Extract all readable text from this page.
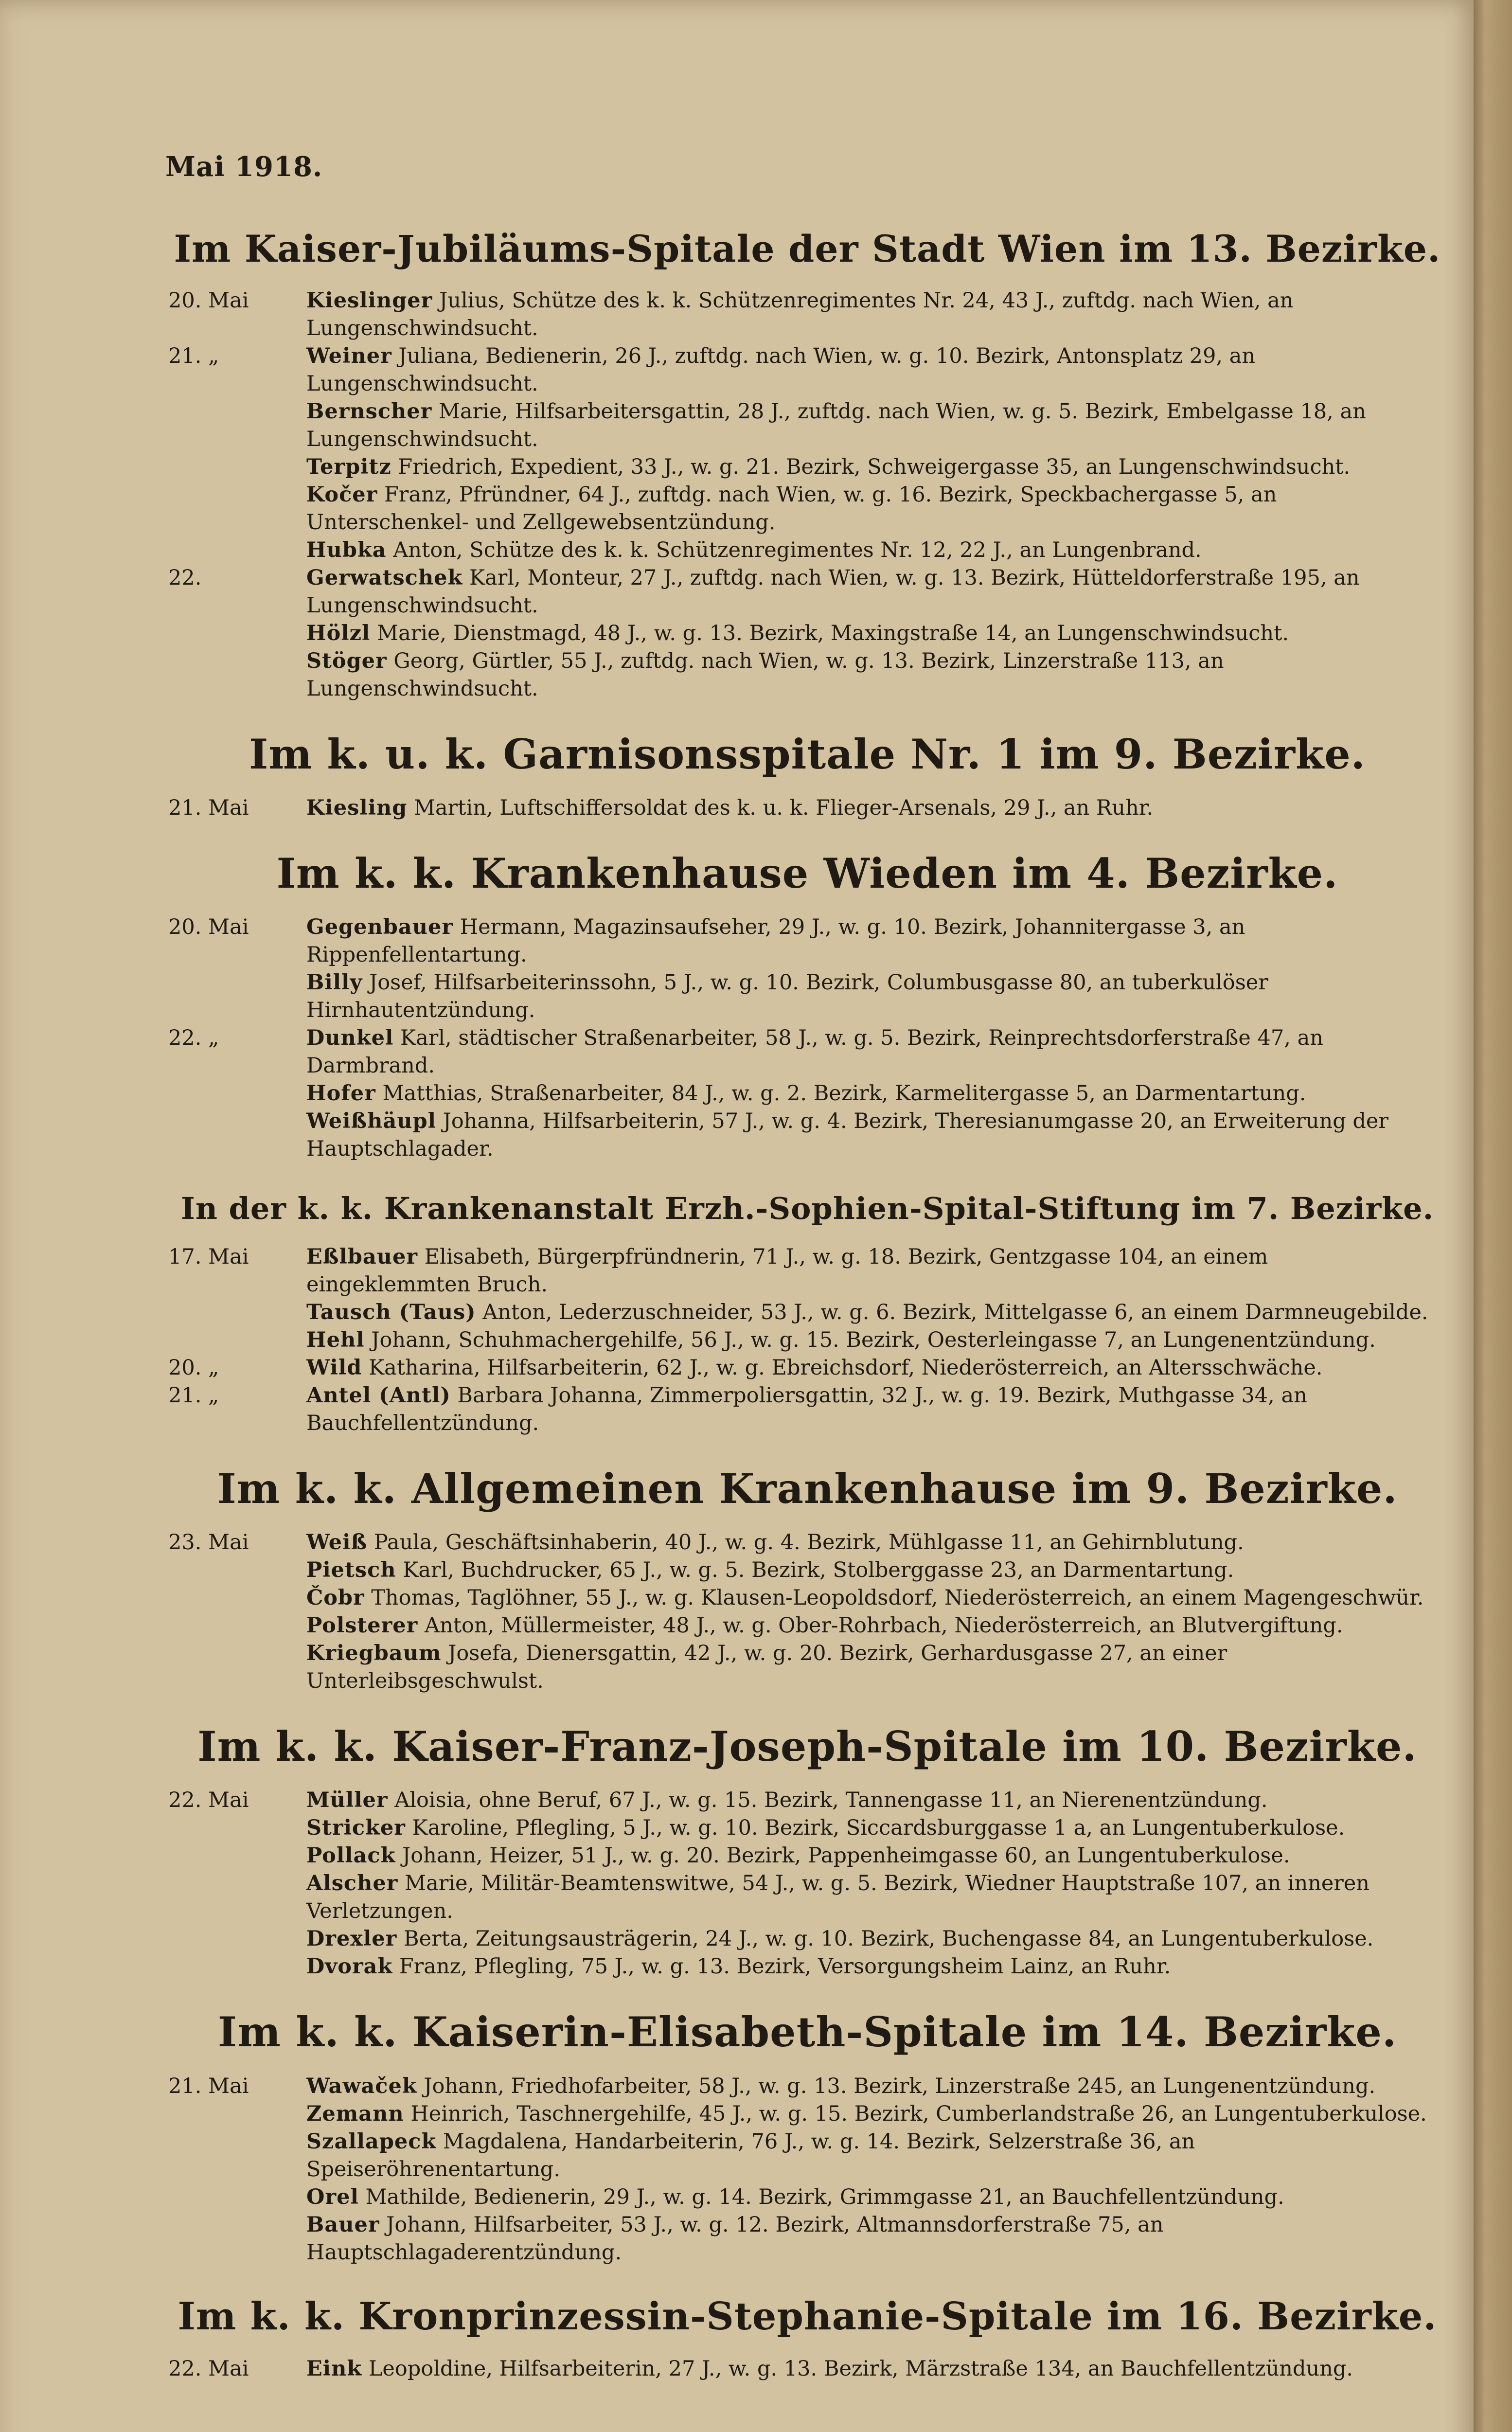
Mai 1918.
Im Kaiser-Jubiläums-Spitale der Stadt Wien im 13. Bezirke.
20. Mai	Kieslinger Julius, Schütze des k. k. Schützenregimentes Nr. 24, 43 J., zuftdg. nach Wien, an Lungenschwindsucht.
21. „	Weiner Juliana, Bedienerin, 26 J., zuftdg. nach Wien, w. g. 10. Bezirk, Antonsplatz 29, an Lungenschwindsucht.
Bernscher Marie, Hilfsarbeitersgattin, 28 J., zuftdg. nach Wien, w. g. 5. Bezirk, Embelgasse 18, an Lungenschwindsucht.
Terpitz Friedrich, Expedient, 33 J., w. g. 21. Bezirk, Schweigergasse 35, an Lungenschwindsucht.
Kočer Franz, Pfründner, 64 J., zuftdg. nach Wien, w. g. 16. Bezirk, Speckbachergasse 5, an Unterschenkel- und Zellgewebsentzündung.
Hubka Anton, Schütze des k. k. Schützenregimentes Nr. 12, 22 J., an Lungenbrand.
22.	Gerwatschek Karl, Monteur, 27 J., zuftdg. nach Wien, w. g. 13. Bezirk, Hütteldorferstraße 195, an Lungenschwindsucht.
Hölzl Marie, Dienstmagd, 48 J., w. g. 13. Bezirk, Maxingstraße 14, an Lungenschwindsucht.
Stöger Georg, Gürtler, 55 J., zuftdg. nach Wien, w. g. 13. Bezirk, Linzerstraße 113, an Lungenschwindsucht.
Im k. u. k. Garnisonsspitale Nr. 1 im 9. Bezirke.
21. Mai	Kiesling Martin, Luftschiffersoldat des k. u. k. Flieger-Arsenals, 29 J., an Ruhr.
Im k. k. Krankenhause Wieden im 4. Bezirke.
20. Mai	Gegenbauer Hermann, Magazinsaufseher, 29 J., w. g. 10. Bezirk, Johannitergasse 3, an Rippenfellentartung.
Billy Josef, Hilfsarbeiterinssohn, 5 J., w. g. 10. Bezirk, Columbusgasse 80, an tuberkulöser Hirnhautentzündung.
22. „	Dunkel Karl, städtischer Straßenarbeiter, 58 J., w. g. 5. Bezirk, Reinprechtsdorferstraße 47, an Darmbrand.
Hofer Matthias, Straßenarbeiter, 84 J., w. g. 2. Bezirk, Karmelitergasse 5, an Darmentartung.
Weißhäupl Johanna, Hilfsarbeiterin, 57 J., w. g. 4. Bezirk, Theresianumgasse 20, an Erweiterung der Hauptschlagader.
In der k. k. Krankenanstalt Erzh.-Sophien-Spital-Stiftung im 7. Bezirke.
17. Mai	Eßlbauer Elisabeth, Bürgerpfründnerin, 71 J., w. g. 18. Bezirk, Gentzgasse 104, an einem eingeklemmten Bruch.
Tausch (Taus) Anton, Lederzuschneider, 53 J., w. g. 6. Bezirk, Mittelgasse 6, an einem Darmneugebilde.
Hehl Johann, Schuhmachergehilfe, 56 J., w. g. 15. Bezirk, Oesterleingasse 7, an Lungenentzündung.
20. „	Wild Katharina, Hilfsarbeiterin, 62 J., w. g. Ebreichsdorf, Niederösterreich, an Altersschwäche.
21. „	Antel (Antl) Barbara Johanna, Zimmerpoliersgattin, 32 J., w. g. 19. Bezirk, Muthgasse 34, an Bauchfellentzündung.
Im k. k. Allgemeinen Krankenhause im 9. Bezirke.
23. Mai	Weiß Paula, Geschäftsinhaberin, 40 J., w. g. 4. Bezirk, Mühlgasse 11, an Gehirnblutung.
Pietsch Karl, Buchdrucker, 65 J., w. g. 5. Bezirk, Stolberggasse 23, an Darmentartung.
Čobr Thomas, Taglöhner, 55 J., w. g. Klausen-Leopoldsdorf, Niederösterreich, an einem Magengeschwür.
Polsterer Anton, Müllermeister, 48 J., w. g. Ober-Rohrbach, Niederösterreich, an Blutvergiftung.
Kriegbaum Josefa, Dienersgattin, 42 J., w. g. 20. Bezirk, Gerhardusgasse 27, an einer Unterleibsgeschwulst.
Im k. k. Kaiser-Franz-Joseph-Spitale im 10. Bezirke.
22. Mai	Müller Aloisia, ohne Beruf, 67 J., w. g. 15. Bezirk, Tannengasse 11, an Nierenentzündung.
Stricker Karoline, Pflegling, 5 J., w. g. 10. Bezirk, Siccardsburggasse 1 a, an Lungentuberkulose.
Pollack Johann, Heizer, 51 J., w. g. 20. Bezirk, Pappenheimgasse 60, an Lungentuberkulose.
Alscher Marie, Militär-Beamtenswitwe, 54 J., w. g. 5. Bezirk, Wiedner Hauptstraße 107, an inneren Verletzungen.
Drexler Berta, Zeitungsausträgerin, 24 J., w. g. 10. Bezirk, Buchengasse 84, an Lungentuberkulose.
Dvorak Franz, Pflegling, 75 J., w. g. 13. Bezirk, Versorgungsheim Lainz, an Ruhr.
Im k. k. Kaiserin-Elisabeth-Spitale im 14. Bezirke.
21. Mai	Wawaček Johann, Friedhofarbeiter, 58 J., w. g. 13. Bezirk, Linzerstraße 245, an Lungenentzündung.
Zemann Heinrich, Taschnergehilfe, 45 J., w. g. 15. Bezirk, Cumberlandstraße 26, an Lungentuberkulose.
Szallapeck Magdalena, Handarbeiterin, 76 J., w. g. 14. Bezirk, Selzerstraße 36, an Speiseröhrenentartung.
Orel Mathilde, Bedienerin, 29 J., w. g. 14. Bezirk, Grimmgasse 21, an Bauchfellentzündung.
Bauer Johann, Hilfsarbeiter, 53 J., w. g. 12. Bezirk, Altmannsdorferstraße 75, an Hauptschlagaderentzündung.
Im k. k. Kronprinzessin-Stephanie-Spitale im 16. Bezirke.
22. Mai	Eink Leopoldine, Hilfsarbeiterin, 27 J., w. g. 13. Bezirk, Märzstraße 134, an Bauchfellentzündung.
